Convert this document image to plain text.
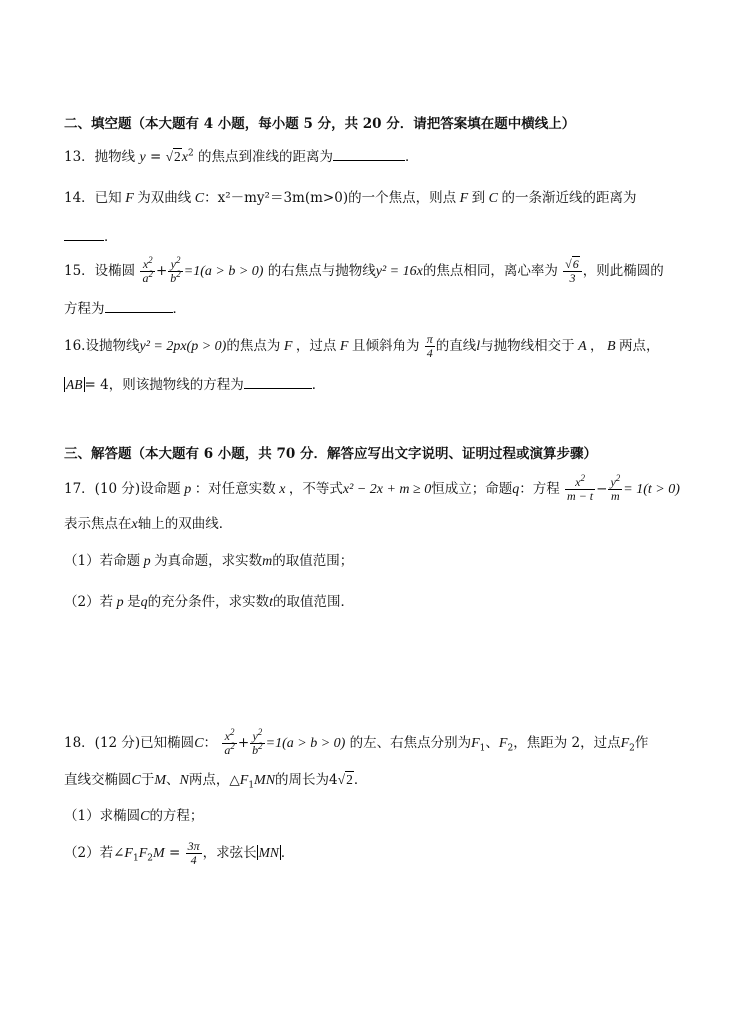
二、填空题（本大题有 4 小题，每小题 5 分，共 20 分．请把答案填在题中横线上）
13．抛物线 $y = √2x^2$ 的焦点到准线的距离为	．
14．已知 F 为双曲线 C：x²－my²＝3m(m>0)的一个焦点，则点 F 到 C 的一条渐近线的距离为
．
15．设椭圆 $\frac{x^2}{a^2} + \frac{y^2}{b^2} =1(a > b > 0)$ 的右焦点与抛物线y² = 16x的焦点相同，离心率为 $\frac{√6}{3}$ ，则此椭圆的
方程为	．
16.设抛物线y² = 2px(p > 0)的焦点为 F ，过点 F 且倾斜角为 $\frac{\pi}{4}$ 的直线l与抛物线相交于 A ， B 两点，
AB = 4，则该抛物线的方程为	．
三、解答题（本大题有 6 小题，共 70 分．解答应写出文字说明、证明过程或演算步骤）
17．(10 分)设命题 p ：对任意实数 x ，不等式x² − 2x + m ≥ 0恒成立；命题q：方程 $\frac{x^2}{m - t} - \frac{y^2}{m} = 1(t > 0)$
表示焦点在x轴上的双曲线．
（1）若命题 p 为真命题，求实数m的取值范围；
（2）若 p 是q的充分条件，求实数t的取值范围．
18．(12 分)已知椭圆C： $\frac{x^2}{a^2} + \frac{y^2}{b^2} =1(a > b > 0)$ 的左、右焦点分别为$F_1$、$F_2$，焦距为 2，过点$F_2$作
直线交椭圆C于M、N两点，$\triangle F_1MN$的周长为4√2．
（1）求椭圆C的方程；
（2）若$\angle F_1F_2M = \frac{3\pi}{4}$ ，求弦长 MN ．
